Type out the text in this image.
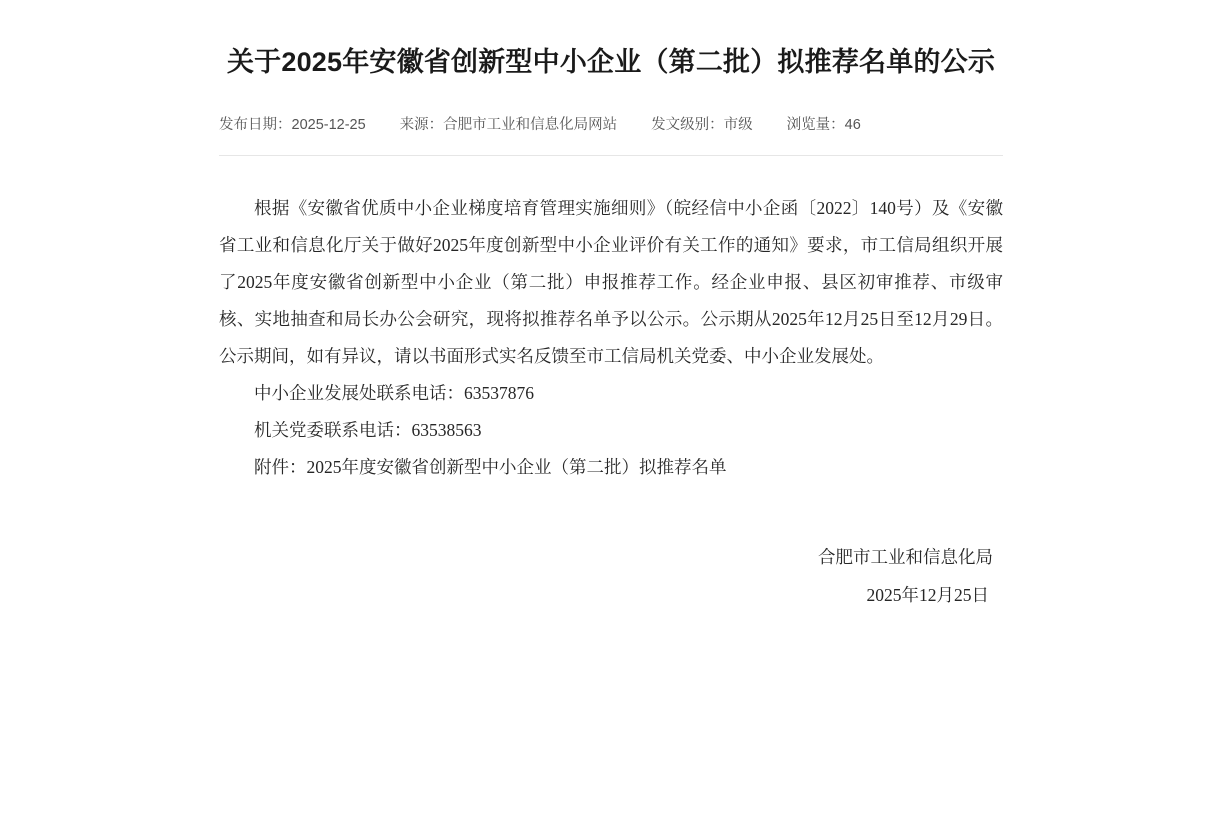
关于2025年安徽省创新型中小企业（第二批）拟推荐名单的公示
发布日期：2025-12-25 来源：合肥市工业和信息化局网站 发文级别：市级 浏览量：46

根据《安徽省优质中小企业梯度培育管理实施细则》（皖经信中小企函〔2022〕140号）及《安徽省工业和信息化厅关于做好2025年度创新型中小企业评价有关工作的通知》要求，市工信局组织开展了2025年度安徽省创新型中小企业（第二批）申报推荐工作。经企业申报、县区初审推荐、市级审核、实地抽查和局长办公会研究，现将拟推荐名单予以公示。公示期从2025年12月25日至12月29日。公示期间，如有异议，请以书面形式实名反馈至市工信局机关党委、中小企业发展处。

中小企业发展处联系电话：63537876

机关党委联系电话：63538563

附件：2025年度安徽省创新型中小企业（第二批）拟推荐名单

合肥市工业和信息化局
2025年12月25日
